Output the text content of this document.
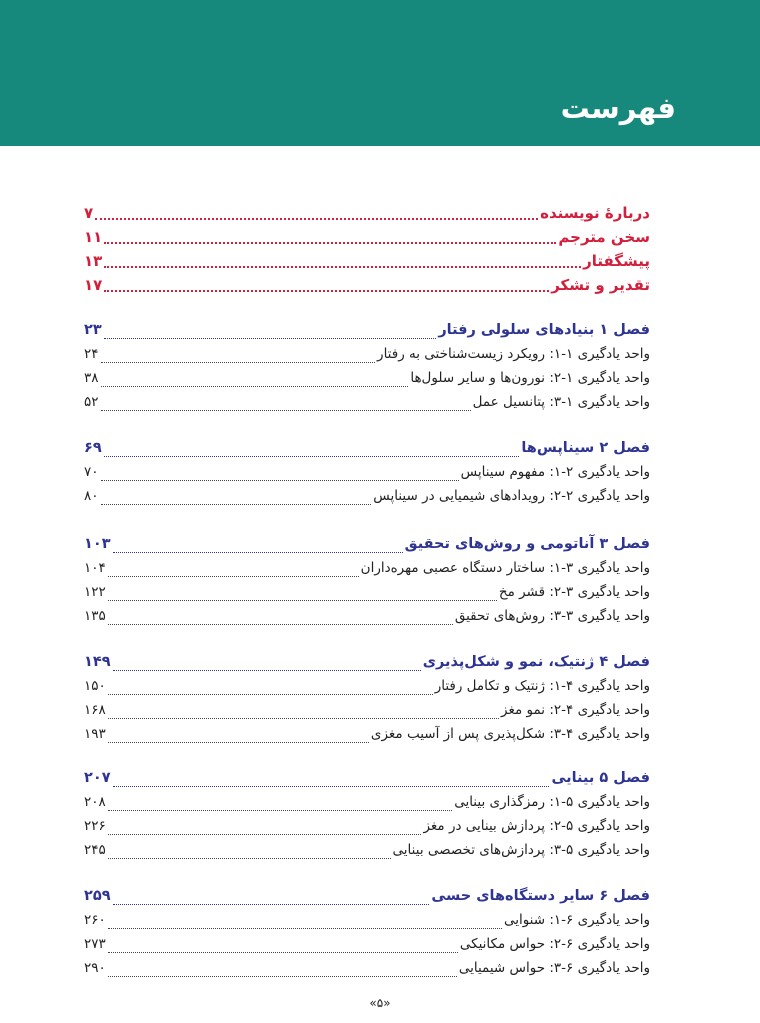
فهرست
دربارهٔ نویسنده
۷
سخن مترجم
۱۱
پیشگفتار
۱۳
تقدیر و تشکر
۱۷
فصل ۱ بنیادهای سلولی رفتار
۲۳
واحد یادگیری ۱-۱: رویکرد زیست‌شناختی به رفتار
۲۴
واحد یادگیری ۱-۲: نورون‌ها و سایر سلول‌ها
۳۸
واحد یادگیری ۱-۳: پتانسیل عمل
۵۲
فصل ۲ سیناپس‌ها
۶۹
واحد یادگیری ۲-۱: مفهوم سیناپس
۷۰
واحد یادگیری ۲-۲: رویدادهای شیمیایی در سیناپس
۸۰
فصل ۳ آناتومی و روش‌های تحقیق
۱۰۳
واحد یادگیری ۳-۱: ساختار دستگاه عصبی مهره‌داران
۱۰۴
واحد یادگیری ۳-۲: قشر مخ
۱۲۲
واحد یادگیری ۳-۳: روش‌های تحقیق
۱۳۵
فصل ۴ ژنتیک، نمو و شکل‌پذیری
۱۴۹
واحد یادگیری ۴-۱: ژنتیک و تکامل رفتار
۱۵۰
واحد یادگیری ۴-۲: نمو مغز
۱۶۸
واحد یادگیری ۴-۳: شکل‌پذیری پس از آسیب مغزی
۱۹۳
فصل ۵ بینایی
۲۰۷
واحد یادگیری ۵-۱: رمزگذاری بینایی
۲۰۸
واحد یادگیری ۵-۲: پردازش بینایی در مغز
۲۲۶
واحد یادگیری ۵-۳: پردازش‌های تخصصی بینایی
۲۴۵
فصل ۶ سایر دستگاه‌های حسی
۲۵۹
واحد یادگیری ۶-۱: شنوایی
۲۶۰
واحد یادگیری ۶-۲: حواس مکانیکی
۲۷۳
واحد یادگیری ۶-۳: حواس شیمیایی
۲۹۰
«۵»
